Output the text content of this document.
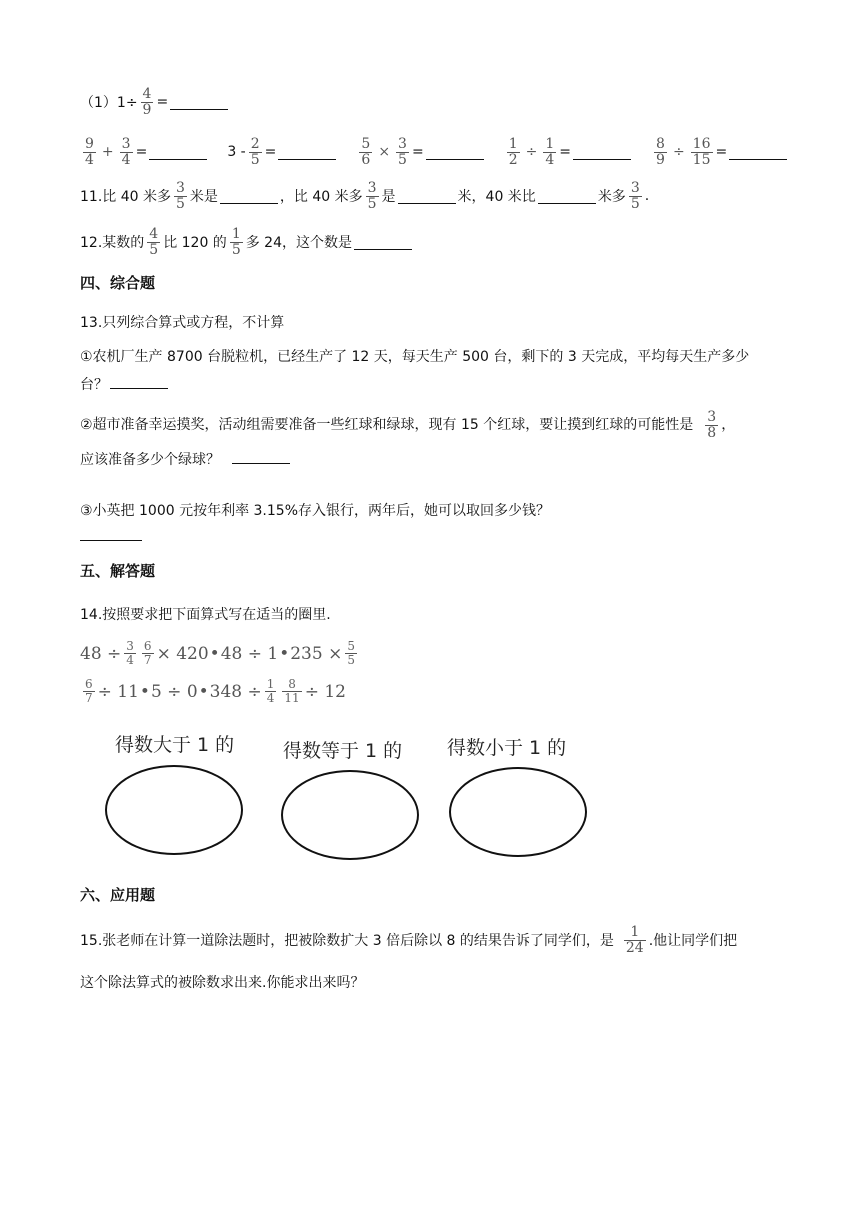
$(1)1\div \frac{4}{9}$ =
$\frac{9}{4} + \frac{3}{4}$ =	$3 - \frac{2}{5}$ =	$\frac{5}{6} \times \frac{3}{5}$ =	$\frac{1}{2} \div \frac{1}{4}$ =	$\frac{8}{9} \div \frac{16}{15}$ =
11.比 40 米多 $\frac{3}{5}$ 米是	，比 40 米多 $\frac{3}{5}$ 是	米，40 米比	米多 $\frac{3}{5}$ .
12.某数的 $\frac{4}{5}$ 比 120 的 $\frac{1}{5}$ 多 24，这个数是
四、综合题
13.只列综合算式或方程，不计算
①农机厂生产 8700 台脱粒机，已经生产了 12 天，每天生产 500 台，剩下的 3 天完成，平均每天生产多少
台？
②超市准备幸运摸奖，活动组需要准备一些红球和绿球，现有 15 个红球，要让摸到红球的可能性是 $\frac{3}{8}$ ，
应该准备多少个绿球？
③小英把 1000 元按年利率 3.15%存入银行，两年后，她可以取回多少钱？
五、解答题
14.按照要求把下面算式写在适当的圈里.
$48 \div \frac{3}{4} \frac{6}{7} \times 420$ • 48 ÷ 1 • $235 \times \frac{5}{5}$
$\frac{6}{7} \div 11$ • 5 ÷ 0 • $348 \div \frac{1}{4} \frac{8}{11} \div 12$
得数大于 1 的	得数等于 1 的 得数小于 1 的
六、应用题
15.张老师在计算一道除法题时，把被除数扩大 3 倍后除以 8 的结果告诉了同学们，是 $\frac{1}{24}$ .他让同学们把
这个除法算式的被除数求出来.你能求出来吗？
